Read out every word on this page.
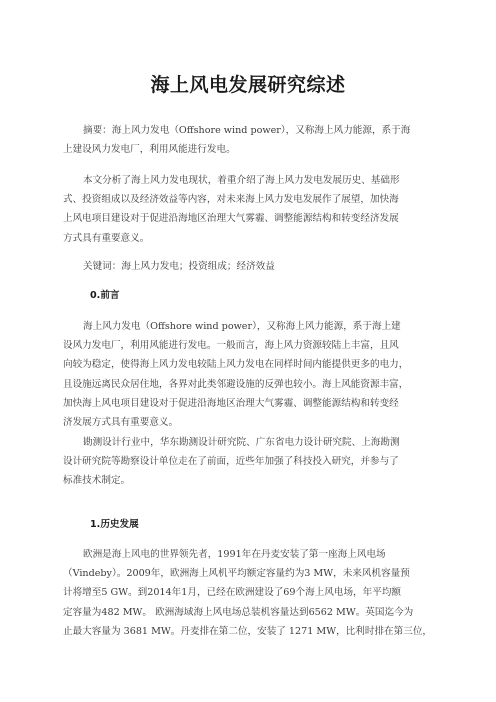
海上风电发展研究综述
摘要：海上风力发电（Offshore wind power），又称海上风力能源，系于海
上建设风力发电厂，利用风能进行发电。
本文分析了海上风力发电现状，着重介绍了海上风力发电发展历史、基础形
式、投资组成以及经济效益等内容，对未来海上风力发电发展作了展望，加快海
上风电项目建设对于促进沿海地区治理大气雾霾、调整能源结构和转变经济发展
方式具有重要意义。
关键词：海上风力发电；投资组成；经济效益
0.前言
海上风力发电（Offshore wind power），又称海上风力能源，系于海上建
设风力发电厂，利用风能进行发电。一般而言，海上风力资源较陆上丰富，且风
向较为稳定，使得海上风力发电较陆上风力发电在同样时间内能提供更多的电力，
且设施远离民众居住地，各界对此类邻避设施的反弹也较小。海上风能资源丰富，
加快海上风电项目建设对于促进沿海地区治理大气雾霾、调整能源结构和转变经
济发展方式具有重要意义。
勘测设计行业中，华东勘测设计研究院、广东省电力设计研究院、上海勘测
设计研究院等勘察设计单位走在了前面，近些年加强了科技投入研究，并参与了
标准技术制定。
1.历史发展
欧洲是海上风电的世界领先者，1991年在丹麦安装了第一座海上风电场
（Vindeby）。2009年，欧洲海上风机平均额定容量约为3 MW，未来风机容量预
计将增至5 GW。到2014年1月，已经在欧洲建设了69个海上风电场，年平均额
定容量为482 MW。 欧洲海域海上风电场总装机容量达到6562 MW。英国迄今为
止最大容量为 3681 MW。丹麦排在第二位，安装了 1271 MW，比利时排在第三位，
